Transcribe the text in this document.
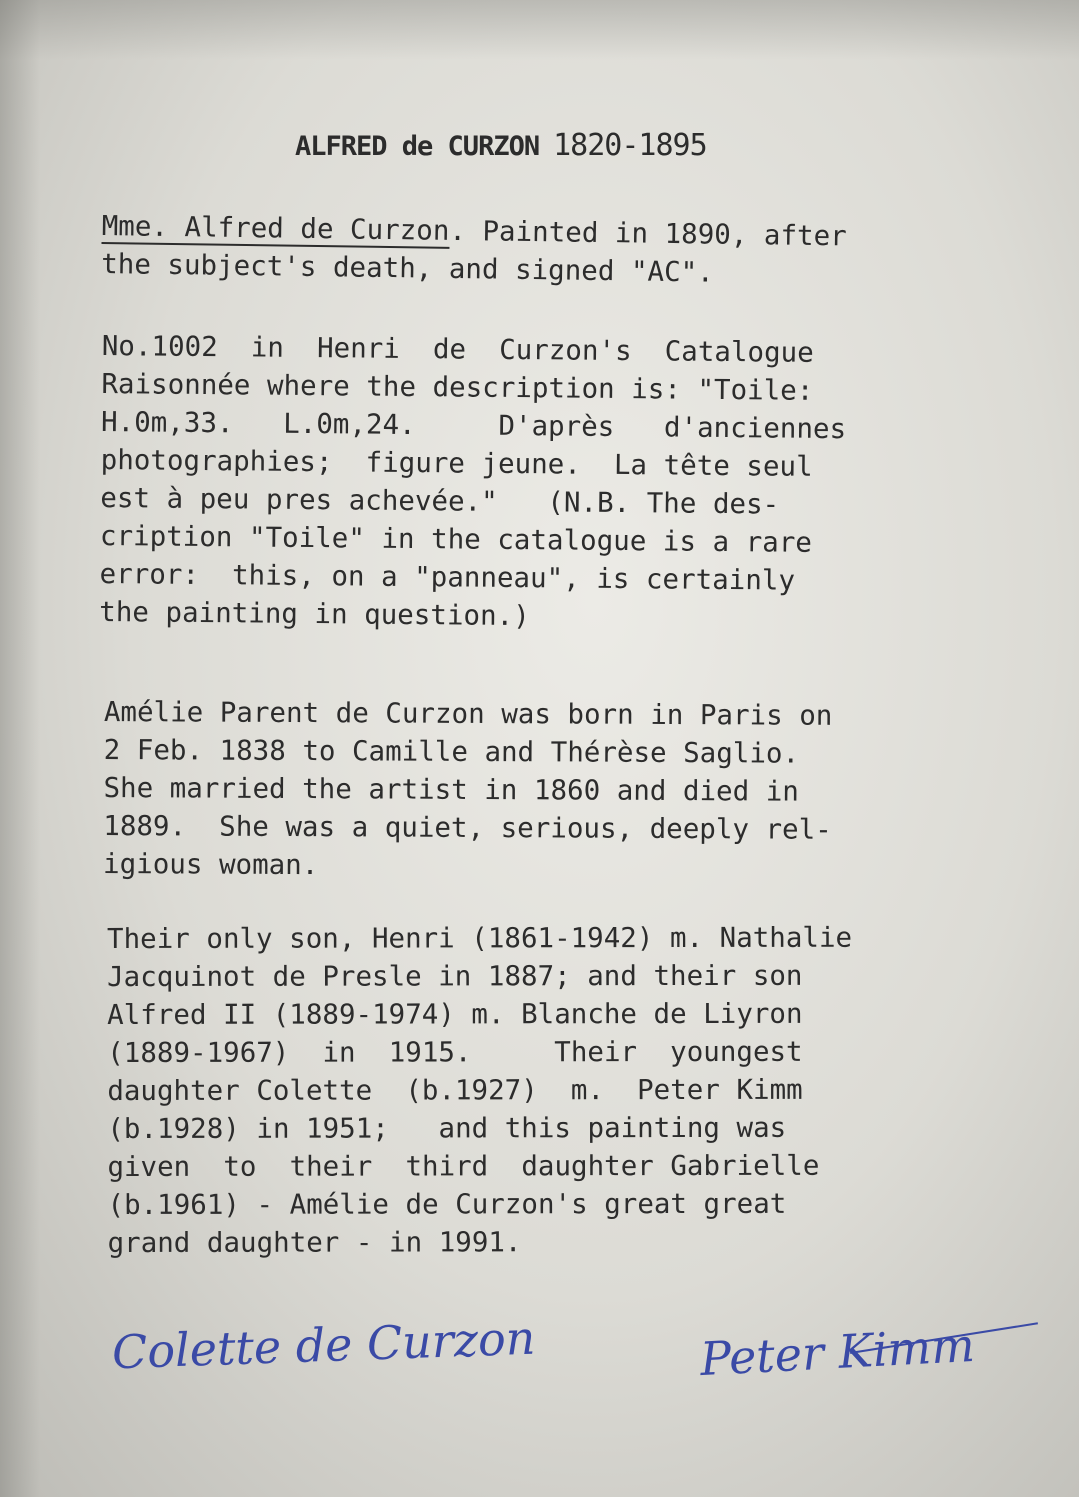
ALFRED de CURZON 1820-1895
Mme. Alfred de Curzon. Painted in 1890, after
the subject's death, and signed "AC".
No.1002  in  Henri  de  Curzon's  Catalogue
Raisonnée where the description is: "Toile:
H.0m,33.   L.0m,24.     D'après   d'anciennes
photographies;  figure jeune.  La tête seul
est à peu pres achevée."   (N.B. The des-
cription "Toile" in the catalogue is a rare
error:  this, on a "panneau", is certainly
the painting in question.)
Amélie Parent de Curzon was born in Paris on
2 Feb. 1838 to Camille and Thérèse Saglio.
She married the artist in 1860 and died in
1889.  She was a quiet, serious, deeply rel-
igious woman.
Their only son, Henri (1861-1942) m. Nathalie
Jacquinot de Presle in 1887; and their son
Alfred II (1889-1974) m. Blanche de Liyron
(1889-1967)  in  1915.     Their  youngest
daughter Colette  (b.1927)  m.  Peter Kimm
(b.1928) in 1951;   and this painting was
given  to  their  third  daughter Gabrielle
(b.1961) - Amélie de Curzon's great great
grand daughter - in 1991.
Colette de Curzon	Peter Kimm
